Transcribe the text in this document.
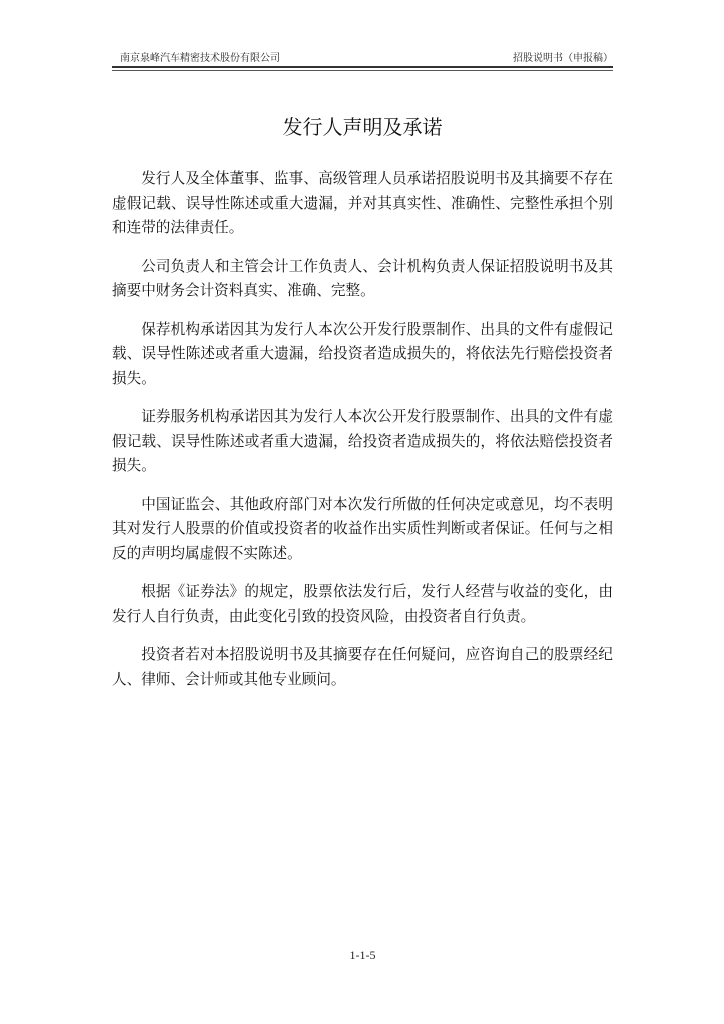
南京泉峰汽车精密技术股份有限公司	招股说明书（申报稿）
发行人声明及承诺

发行人及全体董事、监事、高级管理人员承诺招股说明书及其摘要不存在虚假记载、误导性陈述或重大遗漏，并对其真实性、准确性、完整性承担个别和连带的法律责任。

公司负责人和主管会计工作负责人、会计机构负责人保证招股说明书及其摘要中财务会计资料真实、准确、完整。

保荐机构承诺因其为发行人本次公开发行股票制作、出具的文件有虚假记载、误导性陈述或者重大遗漏，给投资者造成损失的，将依法先行赔偿投资者损失。

证券服务机构承诺因其为发行人本次公开发行股票制作、出具的文件有虚假记载、误导性陈述或者重大遗漏，给投资者造成损失的，将依法赔偿投资者损失。

中国证监会、其他政府部门对本次发行所做的任何决定或意见，均不表明其对发行人股票的价值或投资者的收益作出实质性判断或者保证。任何与之相反的声明均属虚假不实陈述。

根据《证券法》的规定，股票依法发行后，发行人经营与收益的变化，由发行人自行负责，由此变化引致的投资风险，由投资者自行负责。

投资者若对本招股说明书及其摘要存在任何疑问，应咨询自己的股票经纪人、律师、会计师或其他专业顾问。

1-1-5
